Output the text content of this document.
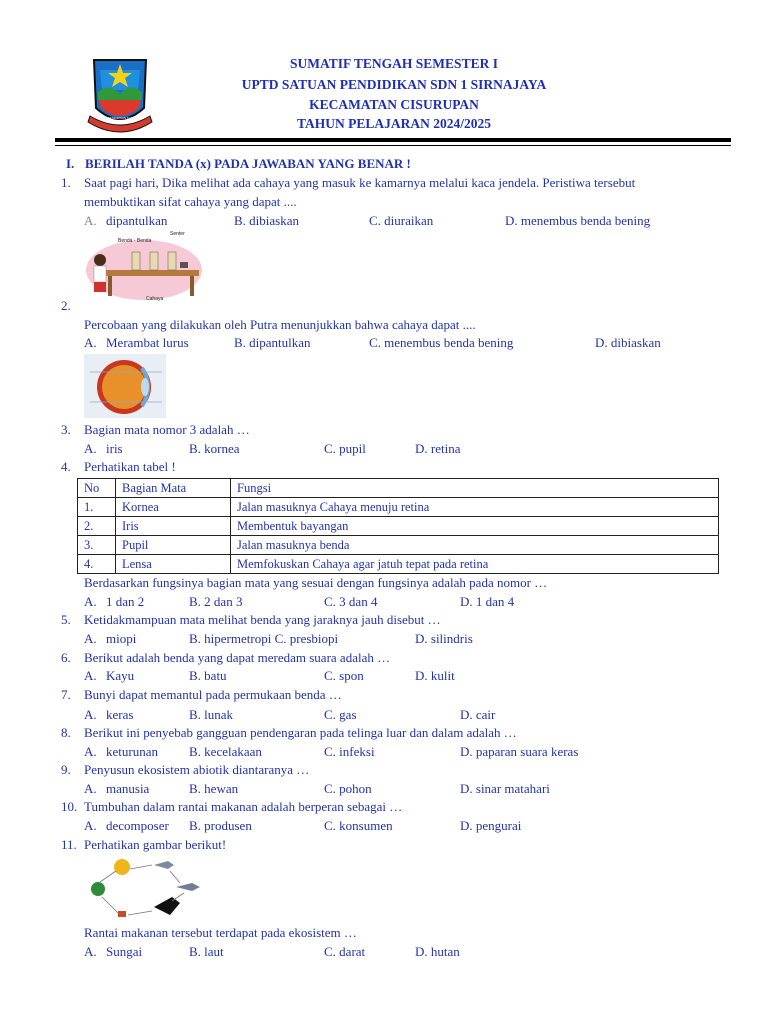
DINAS PENDIDIKAN KAB GARUT
SUMATIF TENGAH SEMESTER I
UPTD SATUAN PENDIDIKAN SDN 1 SIRNAJAYA
KECAMATAN CISURUPAN
TAHUN PELAJARAN 2024/2025
I. BERILAH TANDA (x) PADA JAWABAN YANG BENAR !
1. Saat pagi hari, Dika melihat ada cahaya yang masuk ke kamarnya melalui kaca jendela. Peristiwa tersebut
membuktikan sifat cahaya yang dapat ....
A. dipantulkan	B. dibiaskan	C. diuraikan	D. menembus benda bening
Benda - Benda
Senter
Cahaya
2.
Percobaan yang dilakukan oleh Putra menunjukkan bahwa cahaya dapat ....
A. Merambat lurus	B. dipantulkan	C. menembus benda bening	D. dibiaskan
3. Bagian mata nomor 3 adalah …
A. iris	B. kornea	C. pupil	D. retina
4. Perhatikan tabel !
No	Bagian Mata	Fungsi
1.	Kornea	Jalan masuknya Cahaya menuju retina
2.	Iris	Membentuk bayangan
3.	Pupil	Jalan masuknya benda
4.	Lensa	Memfokuskan Cahaya agar jatuh tepat pada retina
Berdasarkan fungsinya bagian mata yang sesuai dengan fungsinya adalah pada nomor …
A. 1 dan 2	B. 2 dan 3	C. 3 dan 4	D. 1 dan 4
5. Ketidakmampuan mata melihat benda yang jaraknya jauh disebut …
A. miopi	B. hipermetropi C. presbiopi	D. silindris
6. Berikut adalah benda yang dapat meredam suara adalah …
A. Kayu	B. batu	C. spon	D. kulit
7. Bunyi dapat memantul pada permukaan benda …
A. keras	B. lunak	C. gas	D. cair
8. Berikut ini penyebab gangguan pendengaran pada telinga luar dan dalam adalah …
A. keturunan B. kecelakaan	C. infeksi	D. paparan suara keras
9. Penyusun ekosistem abiotik diantaranya …
A. manusia	B. hewan	C. pohon	D. sinar matahari
10. Tumbuhan dalam rantai makanan adalah berperan sebagai …
A. decomposer B. produsen	C. konsumen	D. pengurai
11. Perhatikan gambar berikut!
Rantai makanan tersebut terdapat pada ekosistem …
A. Sungai	B. laut	C. darat	D. hutan
